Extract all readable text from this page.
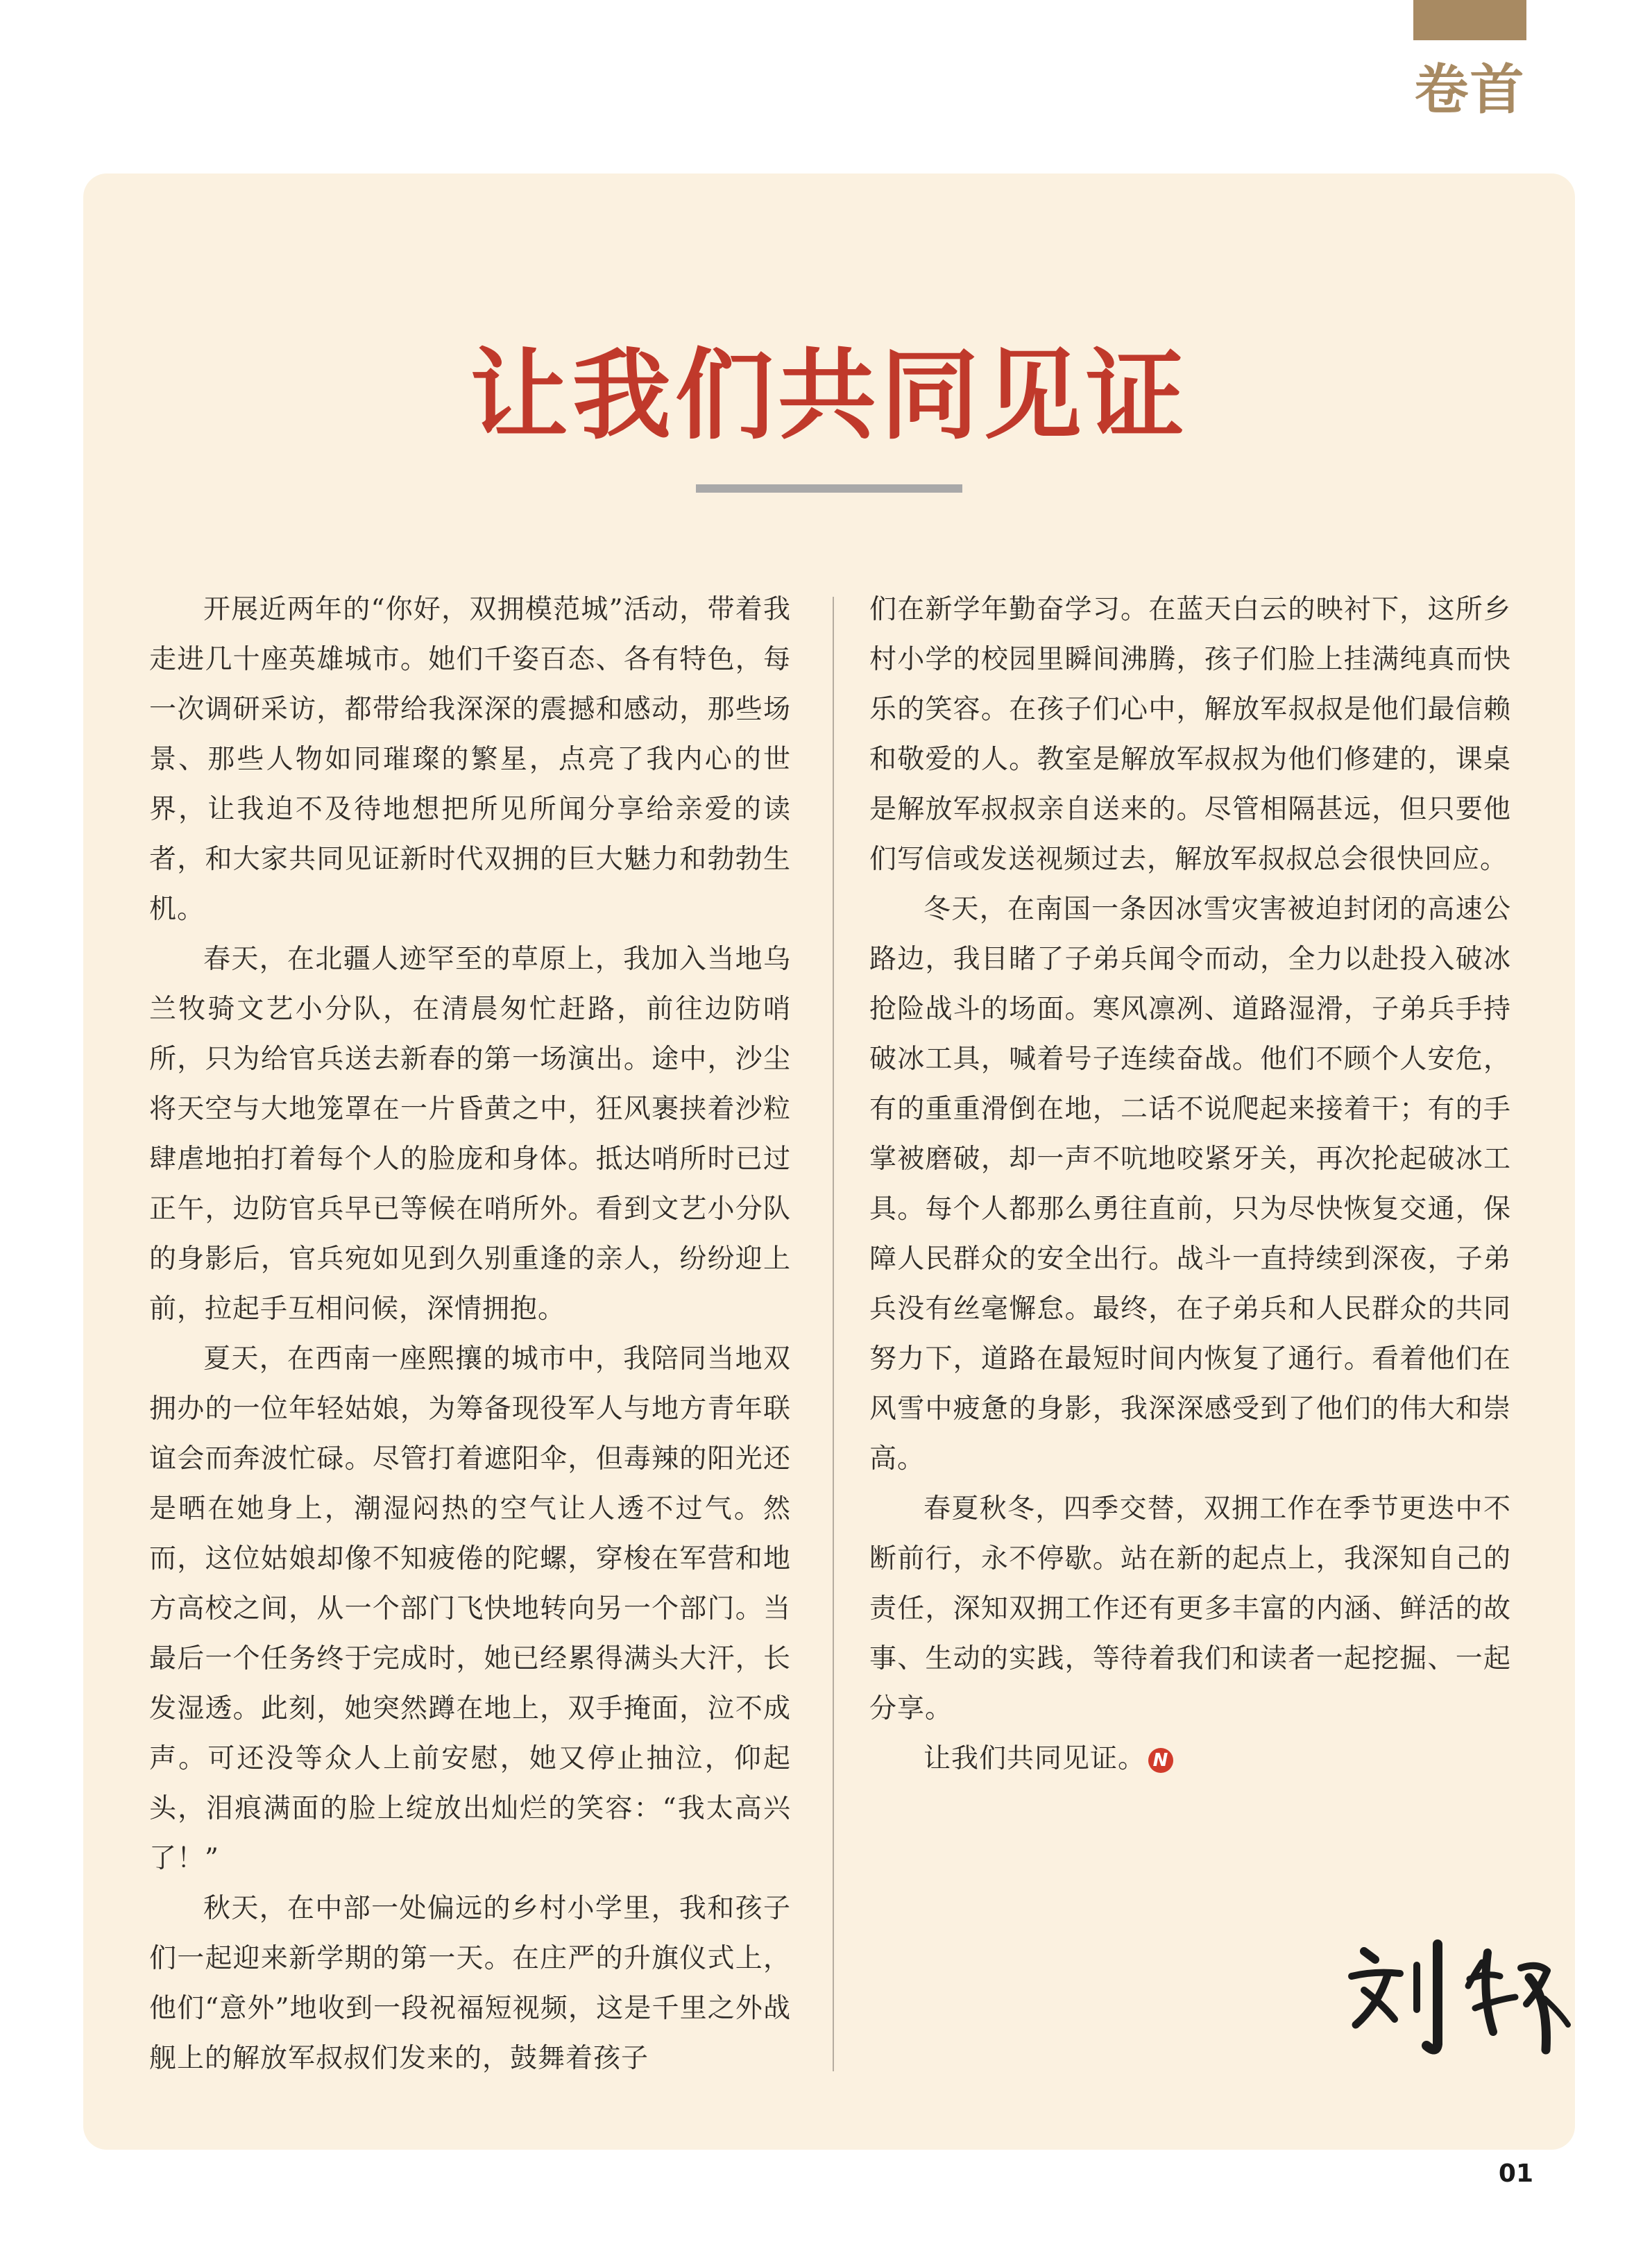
卷首
让我们共同见证

开展近两年的“你好，双拥模范城”活动，带着我走进几十座英雄城市。她们千姿百态、各有特色，每一次调研采访，都带给我深深的震撼和感动，那些场景、那些人物如同璀璨的繁星，点亮了我内心的世界，让我迫不及待地想把所见所闻分享给亲爱的读者，和大家共同见证新时代双拥的巨大魅力和勃勃生机。

春天，在北疆人迹罕至的草原上，我加入当地乌兰牧骑文艺小分队，在清晨匆忙赶路，前往边防哨所，只为给官兵送去新春的第一场演出。途中，沙尘将天空与大地笼罩在一片昏黄之中，狂风裹挟着沙粒肆虐地拍打着每个人的脸庞和身体。抵达哨所时已过正午，边防官兵早已等候在哨所外。看到文艺小分队的身影后，官兵宛如见到久别重逢的亲人，纷纷迎上前，拉起手互相问候，深情拥抱。

夏天，在西南一座熙攘的城市中，我陪同当地双拥办的一位年轻姑娘，为筹备现役军人与地方青年联谊会而奔波忙碌。尽管打着遮阳伞，但毒辣的阳光还是晒在她身上，潮湿闷热的空气让人透不过气。然而，这位姑娘却像不知疲倦的陀螺，穿梭在军营和地方高校之间，从一个部门飞快地转向另一个部门。当最后一个任务终于完成时，她已经累得满头大汗，长发湿透。此刻，她突然蹲在地上，双手掩面，泣不成声。可还没等众人上前安慰，她又停止抽泣，仰起头，泪痕满面的脸上绽放出灿烂的笑容：“我太高兴了！”

秋天，在中部一处偏远的乡村小学里，我和孩子们一起迎来新学期的第一天。在庄严的升旗仪式上，他们“意外”地收到一段祝福短视频，这是千里之外战舰上的解放军叔叔们发来的，鼓舞着孩子

们在新学年勤奋学习。在蓝天白云的映衬下，这所乡村小学的校园里瞬间沸腾，孩子们脸上挂满纯真而快乐的笑容。在孩子们心中，解放军叔叔是他们最信赖和敬爱的人。教室是解放军叔叔为他们修建的，课桌是解放军叔叔亲自送来的。尽管相隔甚远，但只要他们写信或发送视频过去，解放军叔叔总会很快回应。

冬天，在南国一条因冰雪灾害被迫封闭的高速公路边，我目睹了子弟兵闻令而动，全力以赴投入破冰抢险战斗的场面。寒风凛冽、道路湿滑，子弟兵手持破冰工具，喊着号子连续奋战。他们不顾个人安危，有的重重滑倒在地，二话不说爬起来接着干；有的手掌被磨破，却一声不吭地咬紧牙关，再次抡起破冰工具。每个人都那么勇往直前，只为尽快恢复交通，保障人民群众的安全出行。战斗一直持续到深夜，子弟兵没有丝毫懈怠。最终，在子弟兵和人民群众的共同努力下，道路在最短时间内恢复了通行。看着他们在风雪中疲惫的身影，我深深感受到了他们的伟大和崇高。

春夏秋冬，四季交替，双拥工作在季节更迭中不断前行，永不停歇。站在新的起点上，我深知自己的责任，深知双拥工作还有更多丰富的内涵、鲜活的故事、生动的实践，等待着我们和读者一起挖掘、一起分享。

让我们共同见证。 N

01
